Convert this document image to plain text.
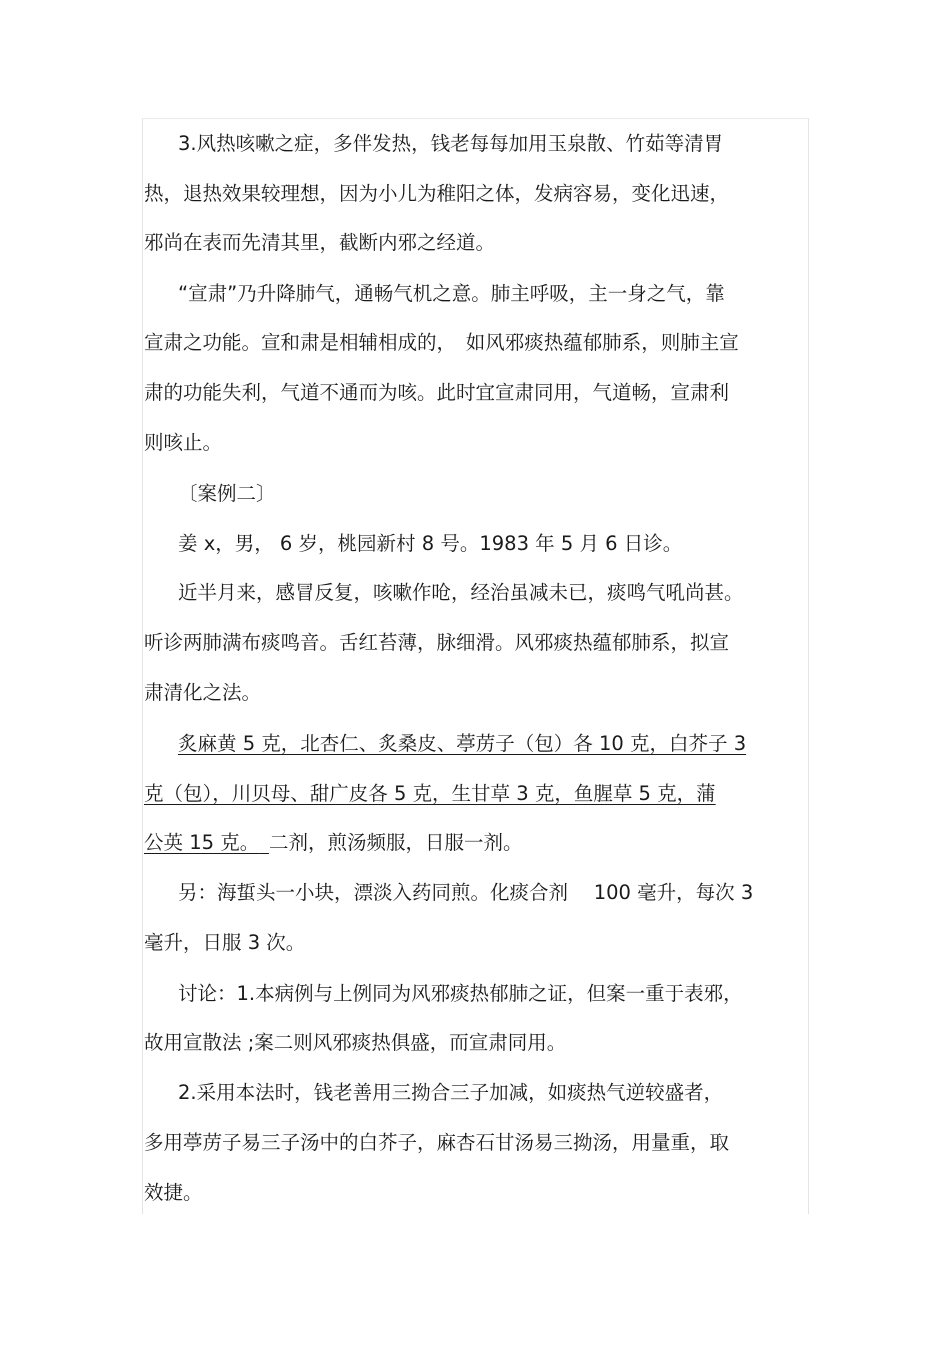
3.风热咳嗽之症，多伴发热，钱老每每加用玉泉散、竹茹等清胃
热，退热效果较理想，因为小儿为稚阳之体，发病容易，变化迅速，
邪尚在表而先清其里，截断内邪之经道。
“宣肃”乃升降肺气，通畅气机之意。肺主呼吸，主一身之气，靠
宣肃之功能。宣和肃是相辅相成的，　如风邪痰热蕴郁肺系，则肺主宣
肃的功能失利，气道不通而为咳。此时宜宣肃同用，气道畅，宣肃利
则咳止。
〔案例二〕
姜 x，男， 6 岁，桃园新村 8 号。1983 年 5 月 6 日诊。
近半月来，感冒反复，咳嗽作呛，经治虽减未已，痰鸣气吼尚甚。
听诊两肺满布痰鸣音。舌红苔薄，脉细滑。风邪痰热蕴郁肺系，拟宣
肃清化之法。
炙麻黄 5 克，北杏仁、炙桑皮、葶苈子（包）各 10 克，白芥子 3
克（包），川贝母、甜广皮各 5 克，生甘草 3 克，鱼腥草 5 克，蒲
公英 15 克。  二剂，煎汤频服，日服一剂。
另：海蜇头一小块，漂淡入药同煎。化痰合剂　 100 毫升，每次 3
毫升，日服 3 次。
讨论：1.本病例与上例同为风邪痰热郁肺之证，但案一重于表邪，
故用宣散法 ;案二则风邪痰热俱盛，而宣肃同用。
2.采用本法时，钱老善用三拗合三子加减，如痰热气逆较盛者，
多用葶苈子易三子汤中的白芥子，麻杏石甘汤易三拗汤，用量重，取
效捷。
